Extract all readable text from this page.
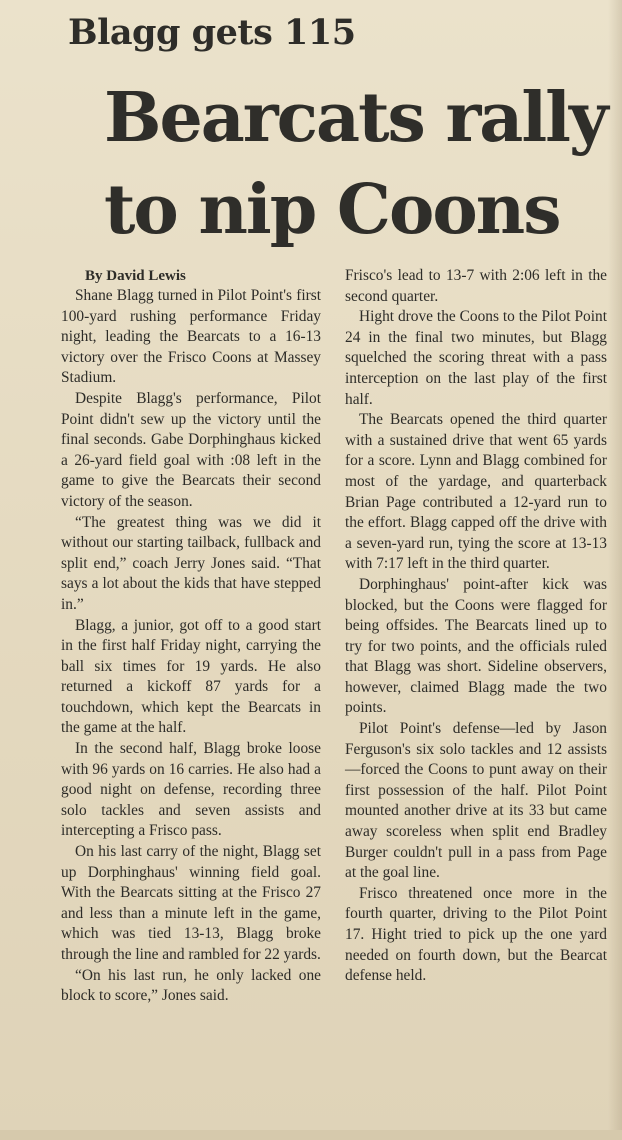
Blagg gets 115
Bearcats rally
to nip Coons

By David Lewis

Shane Blagg turned in Pilot Point's first 100-yard rushing performance Friday night, leading the Bearcats to a 16-13 victory over the Frisco Coons at Massey Stadium.

Despite Blagg's performance, Pilot Point didn't sew up the victory until the final seconds. Gabe Dorphinghaus kicked a 26-yard field goal with :08 left in the game to give the Bearcats their second victory of the season.

“The greatest thing was we did it without our starting tailback, fullback and split end,” coach Jerry Jones said. “That says a lot about the kids that have stepped in.”

Blagg, a junior, got off to a good start in the first half Friday night, carrying the ball six times for 19 yards. He also returned a kickoff 87 yards for a touchdown, which kept the Bearcats in the game at the half.

In the second half, Blagg broke loose with 96 yards on 16 carries. He also had a good night on defense, recording three solo tackles and seven assists and intercepting a Frisco pass.

On his last carry of the night, Blagg set up Dorphinghaus' winning field goal. With the Bearcats sitting at the Frisco 27 and less than a minute left in the game, which was tied 13-13, Blagg broke through the line and rambled for 22 yards.

“On his last run, he only lacked one block to score,” Jones said.

Frisco's lead to 13-7 with 2:06 left in the second quarter.

Hight drove the Coons to the Pilot Point 24 in the final two minutes, but Blagg squelched the scoring threat with a pass interception on the last play of the first half.

The Bearcats opened the third quarter with a sustained drive that went 65 yards for a score. Lynn and Blagg combined for most of the yardage, and quarterback Brian Page contributed a 12-yard run to the effort. Blagg capped off the drive with a seven-yard run, tying the score at 13-13 with 7:17 left in the third quarter.

Dorphinghaus' point-after kick was blocked, but the Coons were flagged for being offsides. The Bearcats lined up to try for two points, and the officials ruled that Blagg was short. Sideline observers, however, claimed Blagg made the two points.

Pilot Point's defense—led by Jason Ferguson's six solo tackles and 12 assists—forced the Coons to punt away on their first possession of the half. Pilot Point mounted another drive at its 33 but came away scoreless when split end Bradley Burger couldn't pull in a pass from Page at the goal line.

Frisco threatened once more in the fourth quarter, driving to the Pilot Point 17. Hight tried to pick up the one yard needed on fourth down, but the Bearcat defense held.
